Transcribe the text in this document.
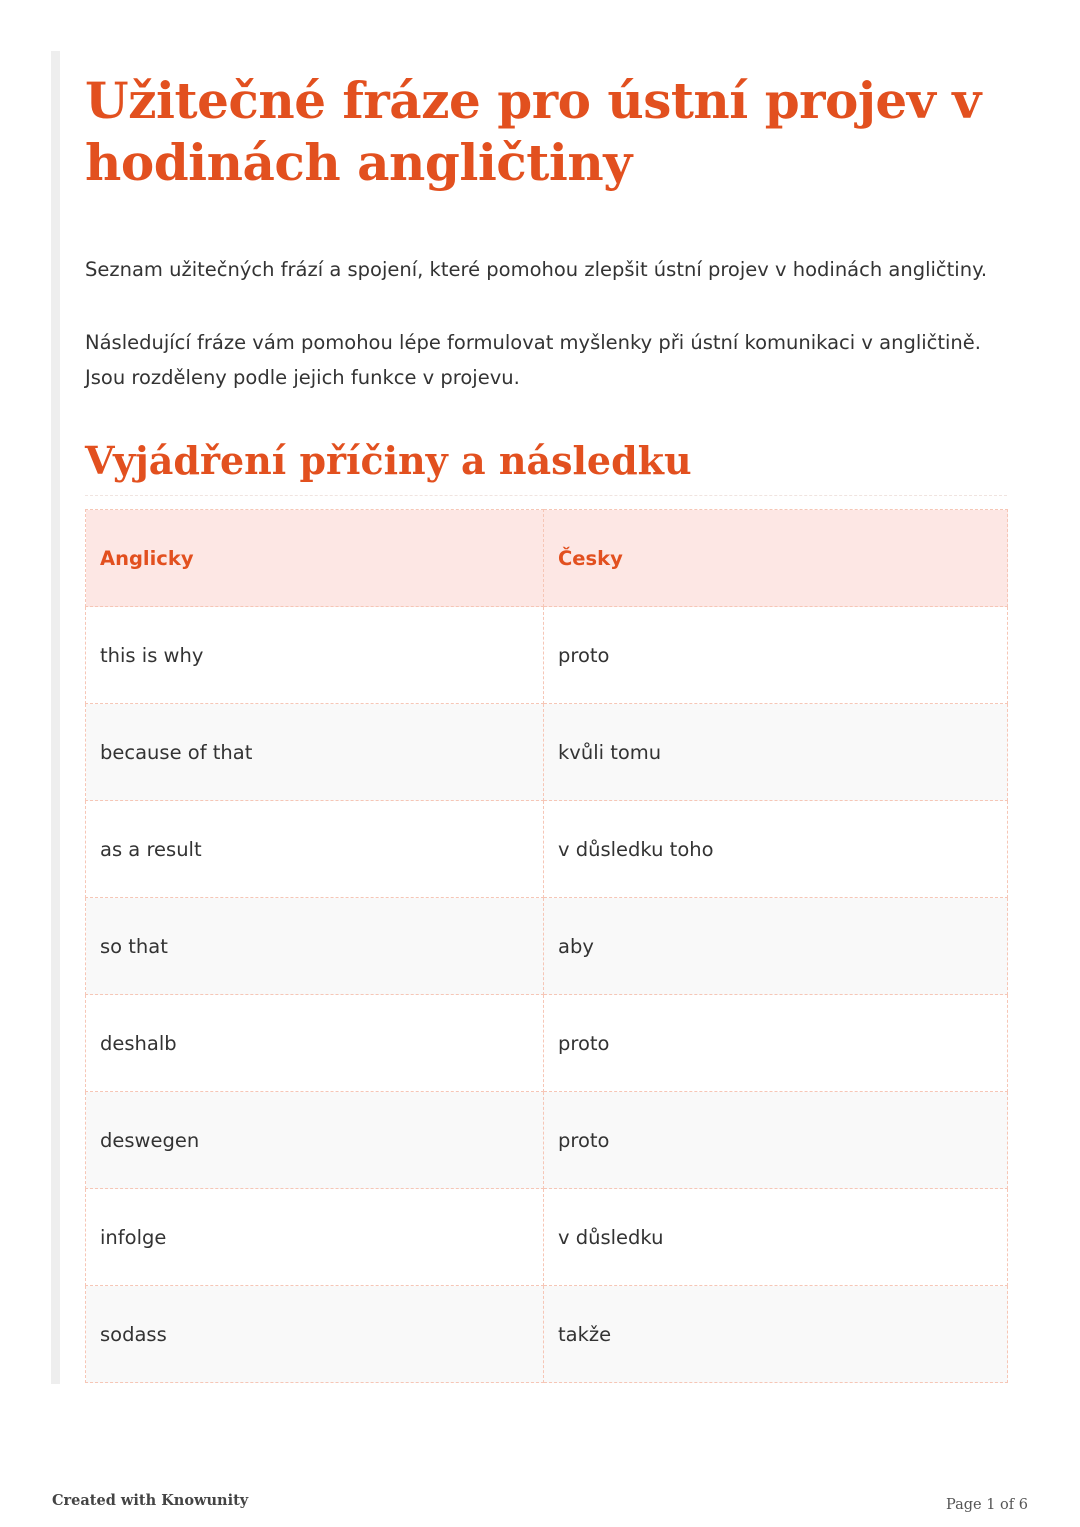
Užitečné fráze pro ústní projev v hodinách angličtiny

Seznam užitečných frází a spojení, které pomohou zlepšit ústní projev v hodinách angličtiny.

Následující fráze vám pomohou lépe formulovat myšlenky při ústní komunikaci v angličtině. Jsou rozděleny podle jejich funkce v projevu.

Vyjádření příčiny a následku
Anglicky	Česky
this is why	proto
because of that	kvůli tomu
as a result	v důsledku toho
so that	aby
deshalb	proto
deswegen	proto
infolge	v důsledku
sodass	takže
Created with Knowunity	Page 1 of 6
